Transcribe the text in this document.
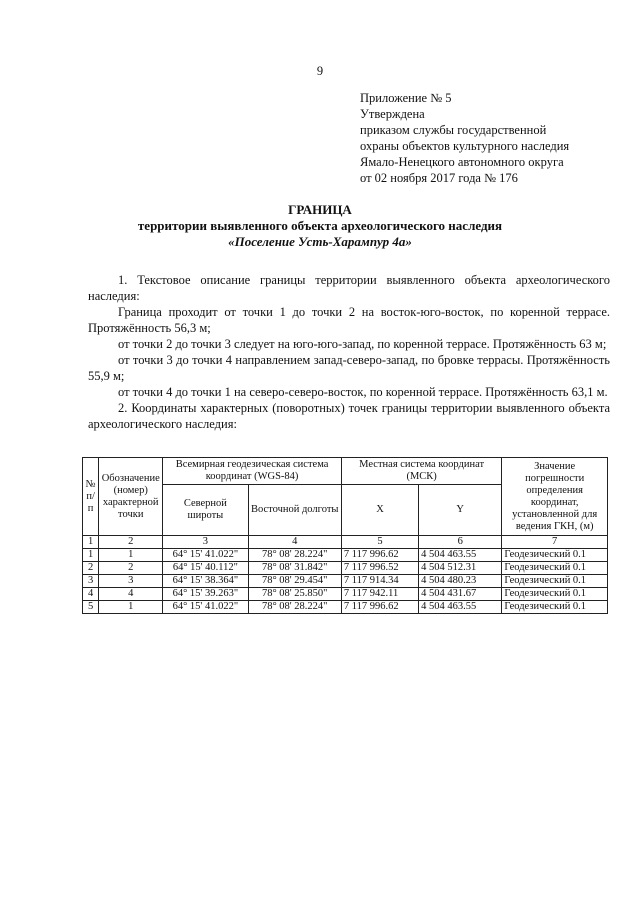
9
Приложение № 5
Утверждена
приказом службы государственной
охраны объектов культурного наследия
Ямало-Ненецкого автономного округа
от 02 ноября 2017 года № 176
ГРАНИЦА
территории выявленного объекта археологического наследия
«Поселение Усть-Харампур 4а»

1. Текстовое описание границы территории выявленного объекта археологического наследия:

Граница проходит от точки 1 до точки 2 на восток-юго-восток, по коренной террасе. Протяжённость 56,3 м;

от точки 2 до точки 3 следует на юго-юго-запад, по коренной террасе. Протяжённость 63 м;

от точки 3 до точки 4 направлением запад-северо-запад, по бровке террасы. Протяжённость 55,9 м;

от точки 4 до точки 1 на северо-северо-восток, по коренной террасе. Протяжённость 63,1 м.

2. Координаты характерных (поворотных) точек границы территории выявленного объекта археологического наследия:

№ п/п	Обозначение (номер) характерной точки	Всемирная геодезическая система координат (WGS-84)		Местная система координат (МСК)		Значение погрешности определения координат, установленной для ведения ГКН, (м)
		Северной широты	Восточной долготы	X	Y	
1	2	3	4	5	6	7
1	1	64° 15' 41.022"	78° 08' 28.224"	7 117 996.62	4 504 463.55	Геодезический 0.1
2	2	64° 15' 40.112"	78° 08' 31.842"	7 117 996.52	4 504 512.31	Геодезический 0.1
3	3	64° 15' 38.364"	78° 08' 29.454"	7 117 914.34	4 504 480.23	Геодезический 0.1
4	4	64° 15' 39.263"	78° 08' 25.850"	7 117 942.11	4 504 431.67	Геодезический 0.1
5	1	64° 15' 41.022"	78° 08' 28.224"	7 117 996.62	4 504 463.55	Геодезический 0.1
